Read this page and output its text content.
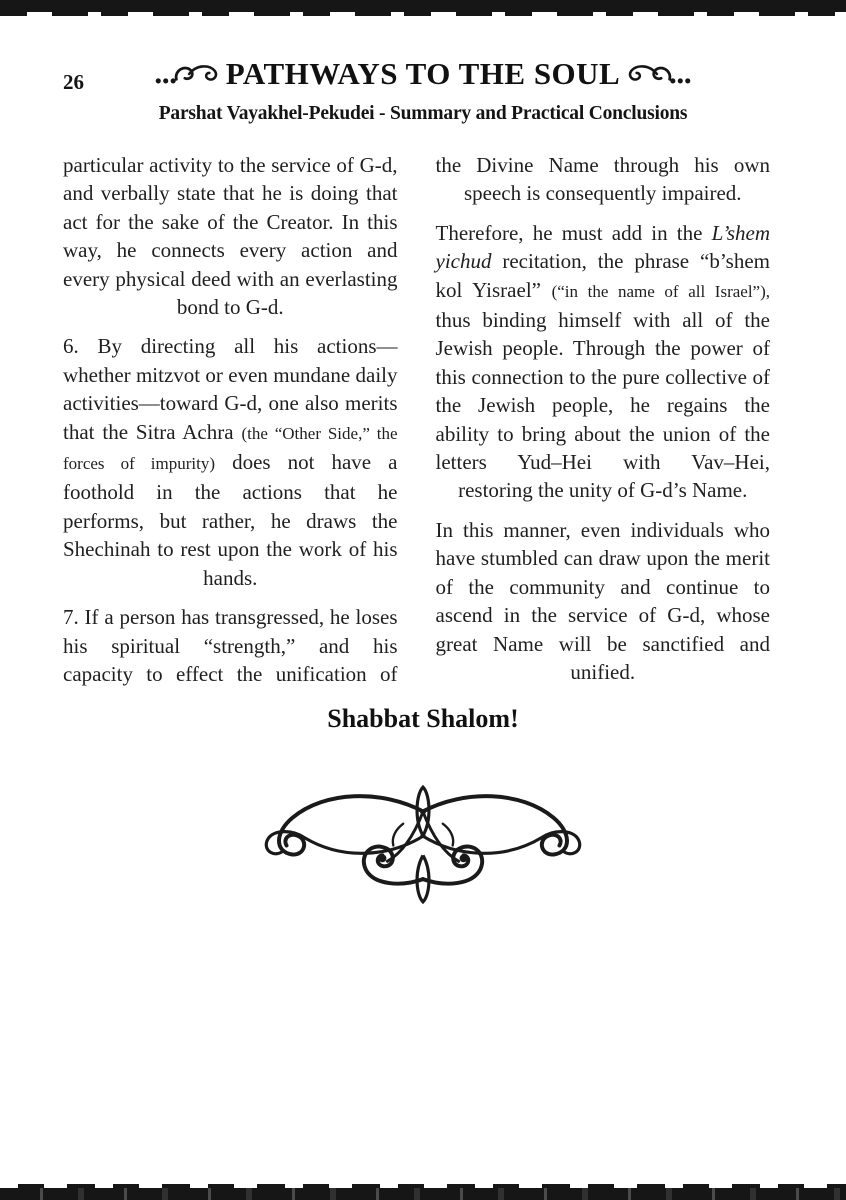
26	PATHWAYS TO THE SOUL
Parshat Vayakhel-Pekudei - Summary and Practical Conclusions

particular activity to the service of G-d, and verbally state that he is doing that act for the sake of the Creator. In this way, he connects every action and every physical deed with an everlasting bond to G-d.

6. By directing all his actions—whether mitzvot or even mundane daily activities—toward G-d, one also merits that the Sitra Achra (the “Other Side,” the forces of impurity) does not have a foothold in the actions that he performs, but rather, he draws the Shechinah to rest upon the work of his hands.

7. If a person has transgressed, he loses his spiritual “strength,” and his capacity to effect the unification of

the Divine Name through his own speech is consequently impaired.

Therefore, he must add in the L’shem yichud recitation, the phrase “b’shem kol Yisrael” (“in the name of all Israel”), thus binding himself with all of the Jewish people. Through the power of this connection to the pure collective of the Jewish people, he regains the ability to bring about the union of the letters Yud–Hei with Vav–Hei, restoring the unity of G-d’s Name.

In this manner, even individuals who have stumbled can draw upon the merit of the community and continue to ascend in the service of G-d, whose great Name will be sanctified and unified.

Shabbat Shalom!
